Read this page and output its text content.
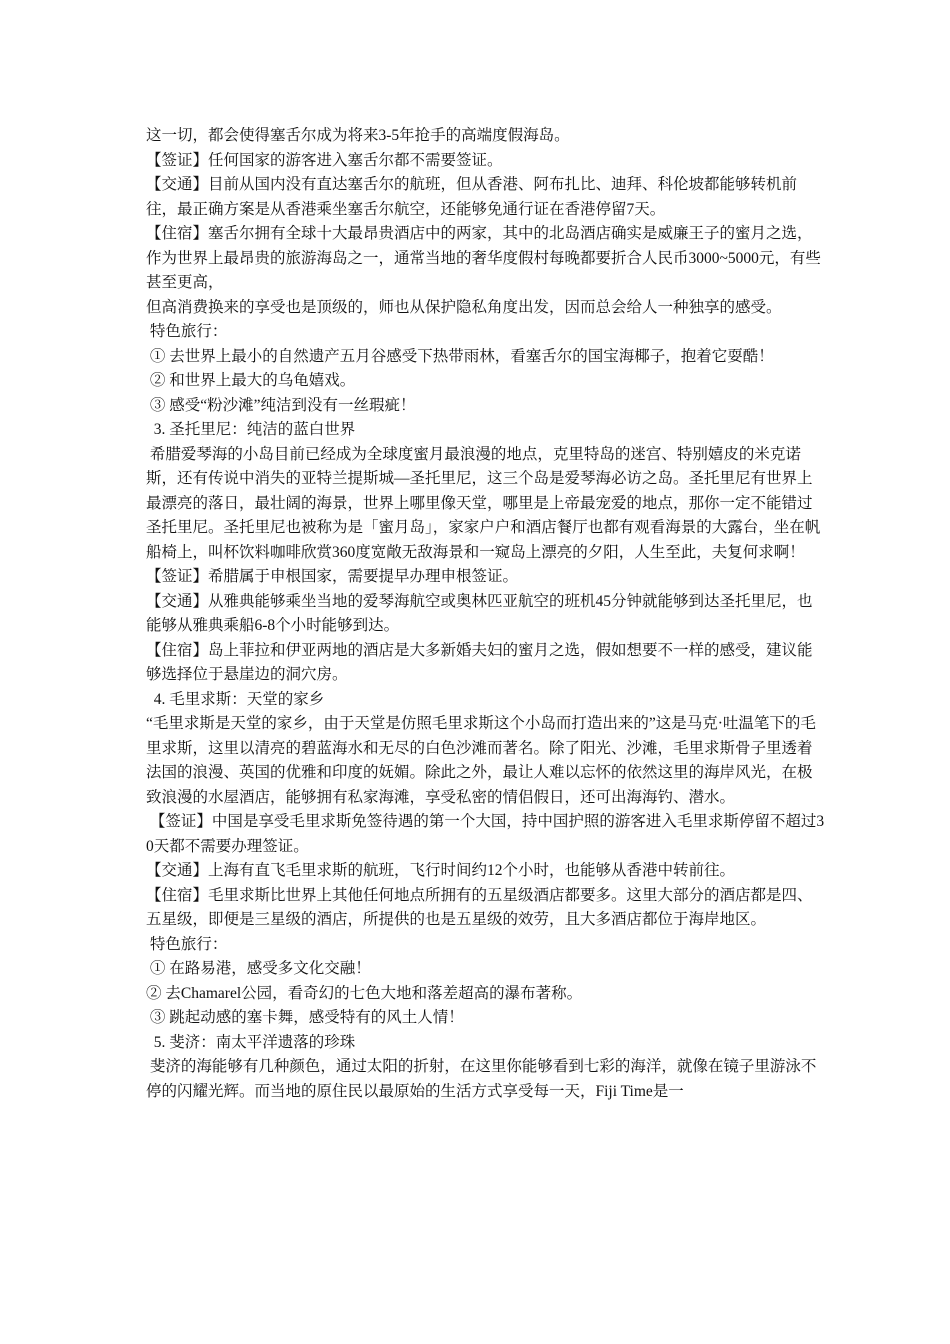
这一切，都会使得塞舌尔成为将来3-5年抢手的高端度假海岛。

【签证】任何国家的游客进入塞舌尔都不需要签证。

【交通】目前从国内没有直达塞舌尔的航班，但从香港、阿布扎比、迪拜、科伦坡都能够转机前往，最正确方案是从香港乘坐塞舌尔航空，还能够免通行证在香港停留7天。

【住宿】塞舌尔拥有全球十大最昂贵酒店中的两家，其中的北岛酒店确实是威廉王子的蜜月之选，作为世界上最昂贵的旅游海岛之一，通常当地的奢华度假村每晚都要折合人民币3000~5000元，有些甚至更高，

但高消费换来的享受也是顶级的，师也从保护隐私角度出发，因而总会给人一种独享的感受。

特色旅行：

① 去世界上最小的自然遗产五月谷感受下热带雨林，看塞舌尔的国宝海椰子，抱着它耍酷！

② 和世界上最大的乌龟嬉戏。

③ 感受“粉沙滩”纯洁到没有一丝瑕疵！

3. 圣托里尼：纯洁的蓝白世界

希腊爱琴海的小岛目前已经成为全球度蜜月最浪漫的地点，克里特岛的迷宫、特别嬉皮的米克诺斯，还有传说中消失的亚特兰提斯城—圣托里尼，这三个岛是爱琴海必访之岛。圣托里尼有世界上最漂亮的落日，最壮阔的海景，世界上哪里像天堂，哪里是上帝最宠爱的地点，那你一定不能错过圣托里尼。圣托里尼也被称为是「蜜月岛」，家家户户和酒店餐厅也都有观看海景的大露台，坐在帆船椅上，叫杯饮料咖啡欣赏360度宽敞无敌海景和一窥岛上漂亮的夕阳，人生至此，夫复何求啊！

【签证】希腊属于申根国家，需要提早办理申根签证。

【交通】从雅典能够乘坐当地的爱琴海航空或奥林匹亚航空的班机45分钟就能够到达圣托里尼，也能够从雅典乘船6-8个小时能够到达。

【住宿】岛上菲拉和伊亚两地的酒店是大多新婚夫妇的蜜月之选，假如想要不一样的感受，建议能够选择位于悬崖边的洞穴房。

4. 毛里求斯：天堂的家乡

“毛里求斯是天堂的家乡，由于天堂是仿照毛里求斯这个小岛而打造出来的”这是马克·吐温笔下的毛里求斯，这里以清亮的碧蓝海水和无尽的白色沙滩而著名。除了阳光、沙滩，毛里求斯骨子里透着法国的浪漫、英国的优雅和印度的妩媚。除此之外，最让人难以忘怀的依然这里的海岸风光，在极致浪漫的水屋酒店，能够拥有私家海滩，享受私密的情侣假日，还可出海海钓、潜水。

【签证】中国是享受毛里求斯免签待遇的第一个大国，持中国护照的游客进入毛里求斯停留不超过30天都不需要办理签证。

【交通】上海有直飞毛里求斯的航班，飞行时间约12个小时，也能够从香港中转前往。

【住宿】毛里求斯比世界上其他任何地点所拥有的五星级酒店都要多。这里大部分的酒店都是四、五星级，即便是三星级的酒店，所提供的也是五星级的效劳，且大多酒店都位于海岸地区。

特色旅行：

① 在路易港，感受多文化交融！

② 去Chamarel公园，看奇幻的七色大地和落差超高的瀑布著称。

③ 跳起动感的塞卡舞，感受特有的风土人情！

5. 斐济：南太平洋遗落的珍珠

斐济的海能够有几种颜色，通过太阳的折射，在这里你能够看到七彩的海洋，就像在镜子里游泳不停的闪耀光辉。而当地的原住民以最原始的生活方式享受每一天，Fiji Time是一
